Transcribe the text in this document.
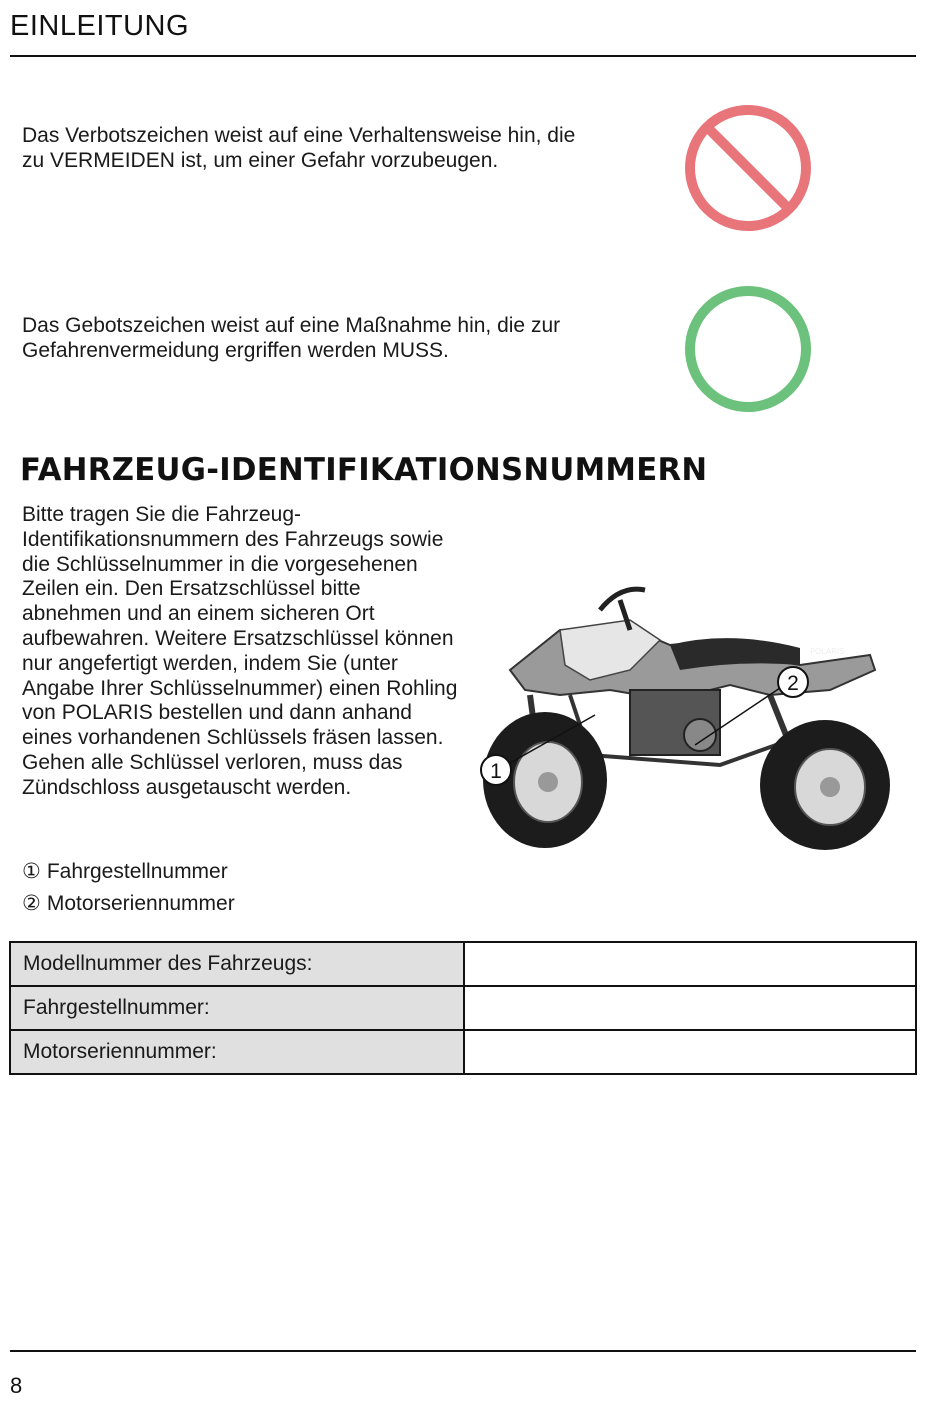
EINLEITUNG
Das Verbotszeichen weist auf eine Verhaltensweise hin, die zu VERMEIDEN ist, um einer Gefahr vorzubeugen.
Das Gebotszeichen weist auf eine Maßnahme hin, die zur Gefahrenvermeidung ergriffen werden MUSS.
FAHRZEUG-IDENTIFIKATIONSNUMMERN
Bitte tragen Sie die Fahrzeug-Identifikationsnummern des Fahrzeugs sowie die Schlüsselnummer in die vorgesehenen Zeilen ein. Den Ersatzschlüssel bitte abnehmen und an einem sicheren Ort aufbewahren. Weitere Ersatzschlüssel können nur angefertigt werden, indem Sie (unter Angabe Ihrer Schlüsselnummer) einen Rohling von POLARIS bestellen und dann anhand eines vorhandenen Schlüssels fräsen lassen. Gehen alle Schlüssel verloren, muss das Zündschloss ausgetauscht werden.
① Fahrgestellnummer
② Motorseriennummer
POLARIS
1
2
Modellnummer des Fahrzeugs:	
Fahrgestellnummer:	
Motorseriennummer:	
8
